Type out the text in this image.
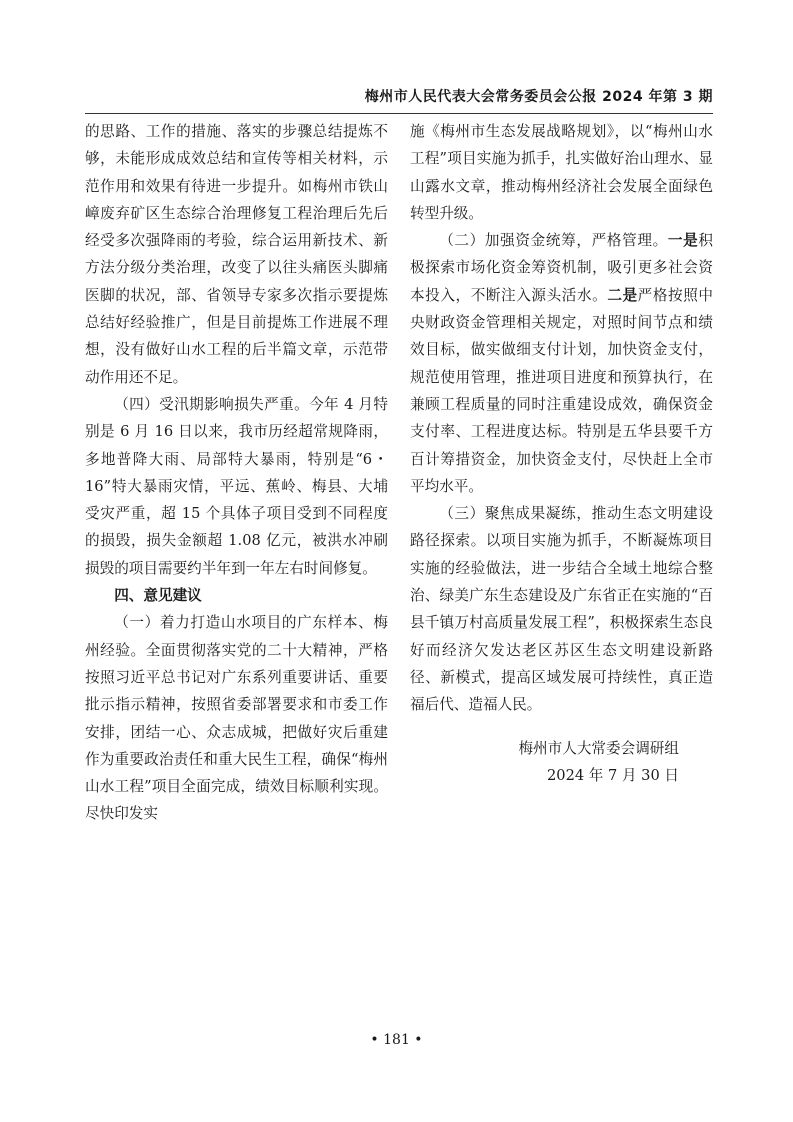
梅州市人民代表大会常务委员会公报 2024 年第 3 期

的思路、工作的措施、落实的步骤总结提炼不够，未能形成成效总结和宣传等相关材料，示范作用和效果有待进一步提升。如梅州市铁山嶂废弃矿区生态综合治理修复工程治理后先后经受多次强降雨的考验，综合运用新技术、新方法分级分类治理，改变了以往头痛医头脚痛医脚的状况，部、省领导专家多次指示要提炼总结好经验推广，但是目前提炼工作进展不理想，没有做好山水工程的后半篇文章，示范带动作用还不足。

（四）受汛期影响损失严重。今年 4 月特别是 6 月 16 日以来，我市历经超常规降雨，多地普降大雨、局部特大暴雨，特别是“6・16”特大暴雨灾情，平远、蕉岭、梅县、大埔受灾严重，超 15 个具体子项目受到不同程度的损毁，损失金额超 1.08 亿元，被洪水冲刷损毁的项目需要约半年到一年左右时间修复。

四、意见建议

（一）着力打造山水项目的广东样本、梅州经验。全面贯彻落实党的二十大精神，严格按照习近平总书记对广东系列重要讲话、重要批示指示精神，按照省委部署要求和市委工作安排，团结一心、众志成城，把做好灾后重建作为重要政治责任和重大民生工程，确保“梅州山水工程”项目全面完成，绩效目标顺利实现。尽快印发实

施《梅州市生态发展战略规划》，以“梅州山水工程”项目实施为抓手，扎实做好治山理水、显山露水文章，推动梅州经济社会发展全面绿色转型升级。

（二）加强资金统筹，严格管理。一是积极探索市场化资金筹资机制，吸引更多社会资本投入，不断注入源头活水。二是严格按照中央财政资金管理相关规定，对照时间节点和绩效目标，做实做细支付计划，加快资金支付，规范使用管理，推进项目进度和预算执行，在兼顾工程质量的同时注重建设成效，确保资金支付率、工程进度达标。特别是五华县要千方百计筹措资金，加快资金支付，尽快赶上全市平均水平。

（三）聚焦成果凝练，推动生态文明建设路径探索。以项目实施为抓手，不断凝炼项目实施的经验做法，进一步结合全域土地综合整治、绿美广东生态建设及广东省正在实施的“百县千镇万村高质量发展工程”，积极探索生态良好而经济欠发达老区苏区生态文明建设新路径、新模式，提高区域发展可持续性，真正造福后代、造福人民。

梅州市人大常委会调研组

2024 年 7 月 30 日

• 181 •
